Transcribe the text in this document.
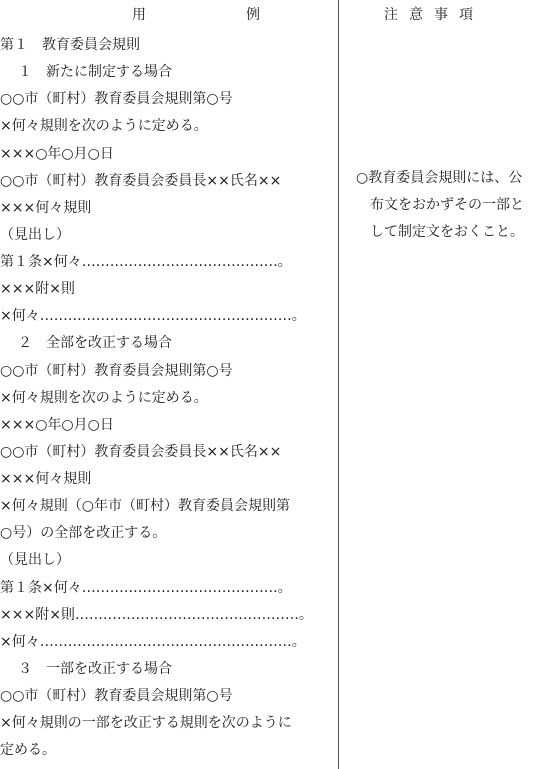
用	例	注 意 事 項
第１　教育委員会規則
１　新たに制定する場合
○○市（町村）教育委員会規則第○号
×何々規則を次のように定める。
×××○年○月○日
○○市（町村）教育委員会委員長××氏名××
×××何々規則
（見出し）
第１条×何々……………………………………。
×××附×則
×何々………………………………………………。
２　全部を改正する場合
○○市（町村）教育委員会規則第○号
×何々規則を次のように定める。
×××○年○月○日
○○市（町村）教育委員会委員長××氏名××
×××何々規則
×何々規則（○年市（町村）教育委員会規則第
○号）の全部を改正する。
（見出し）
第１条×何々……………………………………。
×××附×則…………………………………………。
×何々………………………………………………。
３　一部を改正する場合
○○市（町村）教育委員会規則第○号
×何々規則の一部を改正する規則を次のように
定める。
○教育委員会規則には、公
布文をおかずその一部と
して制定文をおくこと。
